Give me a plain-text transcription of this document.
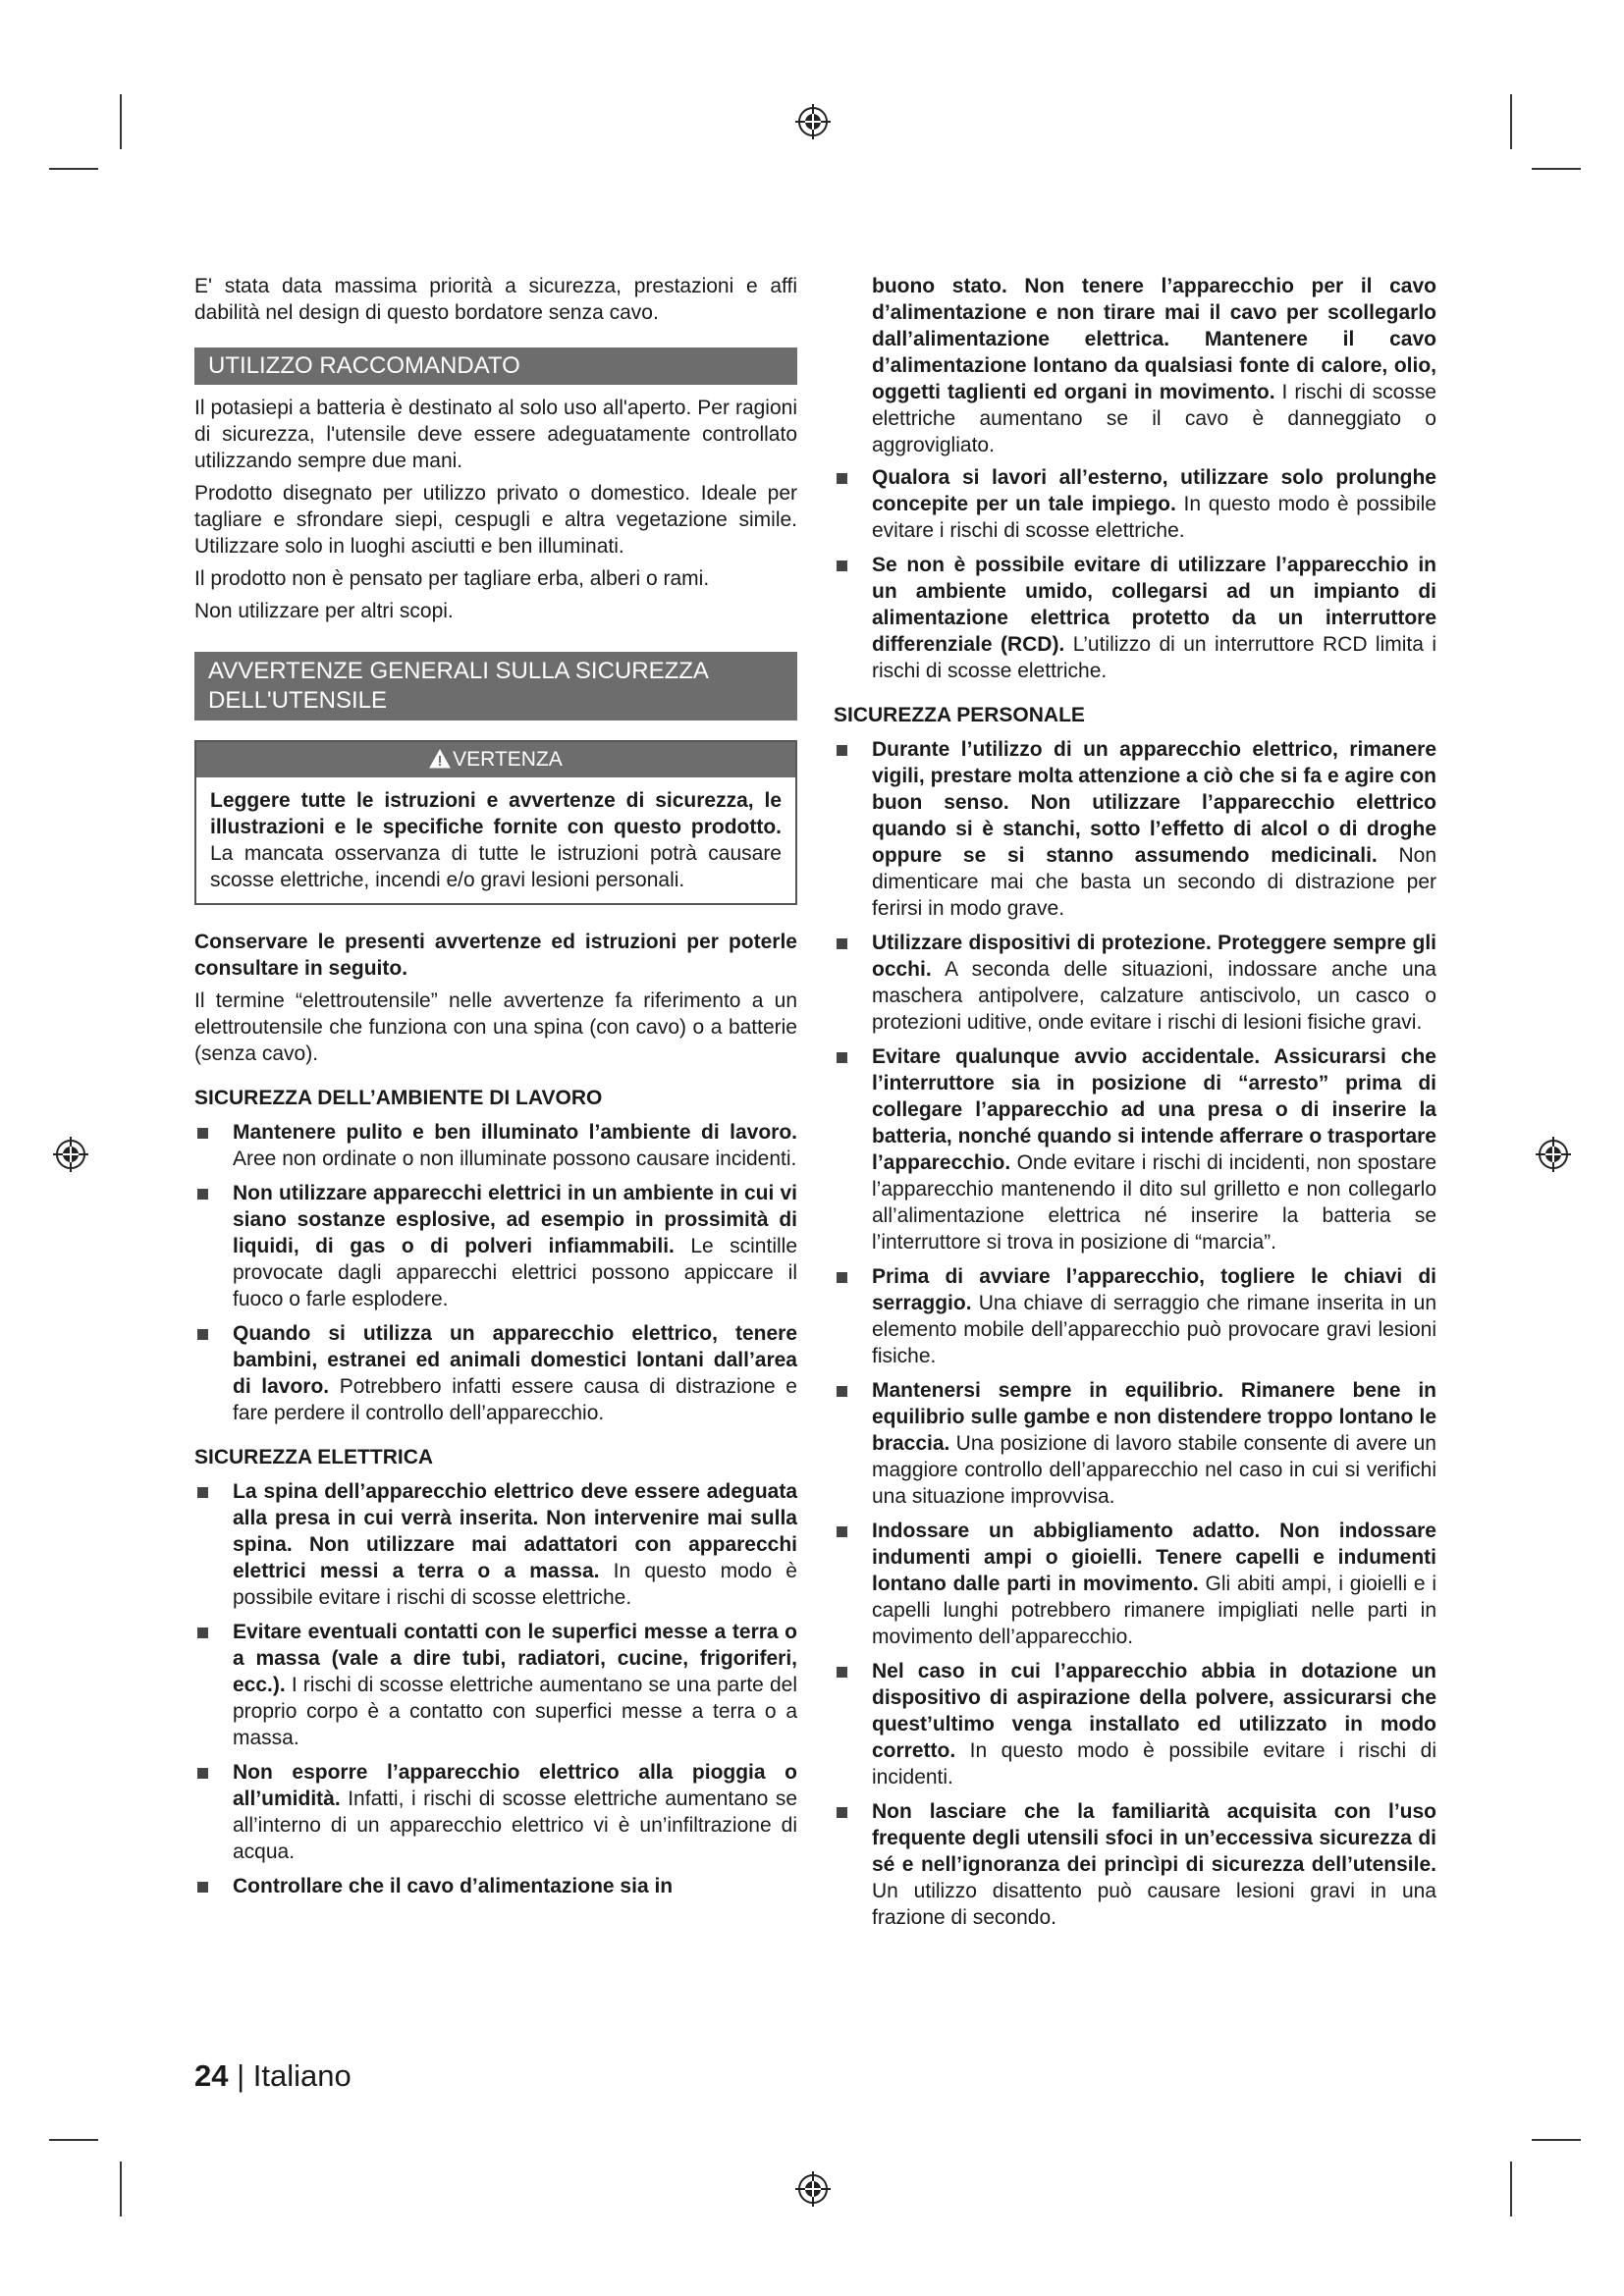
E' stata data massima priorità a sicurezza, prestazioni e affi dabilità nel design di questo bordatore senza cavo.

UTILIZZO RACCOMANDATO

Il potasiepi a batteria è destinato al solo uso all'aperto. Per ragioni di sicurezza, l'utensile deve essere adeguatamente controllato utilizzando sempre due mani.

Prodotto disegnato per utilizzo privato o domestico. Ideale per tagliare e sfrondare siepi, cespugli e altra vegetazione simile. Utilizzare solo in luoghi asciutti e ben illuminati.

Il prodotto non è pensato per tagliare erba, alberi o rami.

Non utilizzare per altri scopi.

AVVERTENZE GENERALI SULLA SICUREZZA DELL'UTENSILE
VERTENZA
Leggere tutte le istruzioni e avvertenze di sicurezza, le illustrazioni e le specifiche fornite con questo prodotto. La mancata osservanza di tutte le istruzioni potrà causare scosse elettriche, incendi e/o gravi lesioni personali.

Conservare le presenti avvertenze ed istruzioni per poterle consultare in seguito.

Il termine “elettroutensile” nelle avvertenze fa riferimento a un elettroutensile che funziona con una spina (con cavo) o a batterie (senza cavo).

SICUREZZA DELL’AMBIENTE DI LAVORO
Mantenere pulito e ben illuminato l’ambiente di lavoro. Aree non ordinate o non illuminate possono causare incidenti.
Non utilizzare apparecchi elettrici in un ambiente in cui vi siano sostanze esplosive, ad esempio in prossimità di liquidi, di gas o di polveri infiammabili. Le scintille provocate dagli apparecchi elettrici possono appiccare il fuoco o farle esplodere.
Quando si utilizza un apparecchio elettrico, tenere bambini, estranei ed animali domestici lontani dall’area di lavoro. Potrebbero infatti essere causa di distrazione e fare perdere il controllo dell’apparecchio.
SICUREZZA ELETTRICA
La spina dell’apparecchio elettrico deve essere adeguata alla presa in cui verrà inserita. Non intervenire mai sulla spina. Non utilizzare mai adattatori con apparecchi elettrici messi a terra o a massa. In questo modo è possibile evitare i rischi di scosse elettriche.
Evitare eventuali contatti con le superfici messe a terra o a massa (vale a dire tubi, radiatori, cucine, frigoriferi, ecc.). I rischi di scosse elettriche aumentano se una parte del proprio corpo è a contatto con superfici messe a terra o a massa.
Non esporre l’apparecchio elettrico alla pioggia o all’umidità. Infatti, i rischi di scosse elettriche aumentano se all’interno di un apparecchio elettrico vi è un’infiltrazione di acqua.
Controllare che il cavo d’alimentazione sia in

buono stato. Non tenere l’apparecchio per il cavo d’alimentazione e non tirare mai il cavo per scollegarlo dall’alimentazione elettrica. Mantenere il cavo d’alimentazione lontano da qualsiasi fonte di calore, olio, oggetti taglienti ed organi in movimento. I rischi di scosse elettriche aumentano se il cavo è danneggiato o aggrovigliato.

Qualora si lavori all’esterno, utilizzare solo prolunghe concepite per un tale impiego. In questo modo è possibile evitare i rischi di scosse elettriche.
Se non è possibile evitare di utilizzare l’apparecchio in un ambiente umido, collegarsi ad un impianto di alimentazione elettrica protetto da un interruttore differenziale (RCD). L’utilizzo di un interruttore RCD limita i rischi di scosse elettriche.
SICUREZZA PERSONALE
Durante l’utilizzo di un apparecchio elettrico, rimanere vigili, prestare molta attenzione a ciò che si fa e agire con buon senso. Non utilizzare l’apparecchio elettrico quando si è stanchi, sotto l’effetto di alcol o di droghe oppure se si stanno assumendo medicinali. Non dimenticare mai che basta un secondo di distrazione per ferirsi in modo grave.
Utilizzare dispositivi di protezione. Proteggere sempre gli occhi. A seconda delle situazioni, indossare anche una maschera antipolvere, calzature antiscivolo, un casco o protezioni uditive, onde evitare i rischi di lesioni fisiche gravi.
Evitare qualunque avvio accidentale. Assicurarsi che l’interruttore sia in posizione di “arresto” prima di collegare l’apparecchio ad una presa o di inserire la batteria, nonché quando si intende afferrare o trasportare l’apparecchio. Onde evitare i rischi di incidenti, non spostare l’apparecchio mantenendo il dito sul grilletto e non collegarlo all’alimentazione elettrica né inserire la batteria se l’interruttore si trova in posizione di “marcia”.
Prima di avviare l’apparecchio, togliere le chiavi di serraggio. Una chiave di serraggio che rimane inserita in un elemento mobile dell’apparecchio può provocare gravi lesioni fisiche.
Mantenersi sempre in equilibrio. Rimanere bene in equilibrio sulle gambe e non distendere troppo lontano le braccia. Una posizione di lavoro stabile consente di avere un maggiore controllo dell’apparecchio nel caso in cui si verifichi una situazione improvvisa.
Indossare un abbigliamento adatto. Non indossare indumenti ampi o gioielli. Tenere capelli e indumenti lontano dalle parti in movimento. Gli abiti ampi, i gioielli e i capelli lunghi potrebbero rimanere impigliati nelle parti in movimento dell’apparecchio.
Nel caso in cui l’apparecchio abbia in dotazione un dispositivo di aspirazione della polvere, assicurarsi che quest’ultimo venga installato ed utilizzato in modo corretto. In questo modo è possibile evitare i rischi di incidenti.
Non lasciare che la familiarità acquisita con l’uso frequente degli utensili sfoci in un’eccessiva sicurezza di sé e nell’ignoranza dei princìpi di sicurezza dell’utensile. Un utilizzo disattento può causare lesioni gravi in una frazione di secondo.
24 | Italiano
